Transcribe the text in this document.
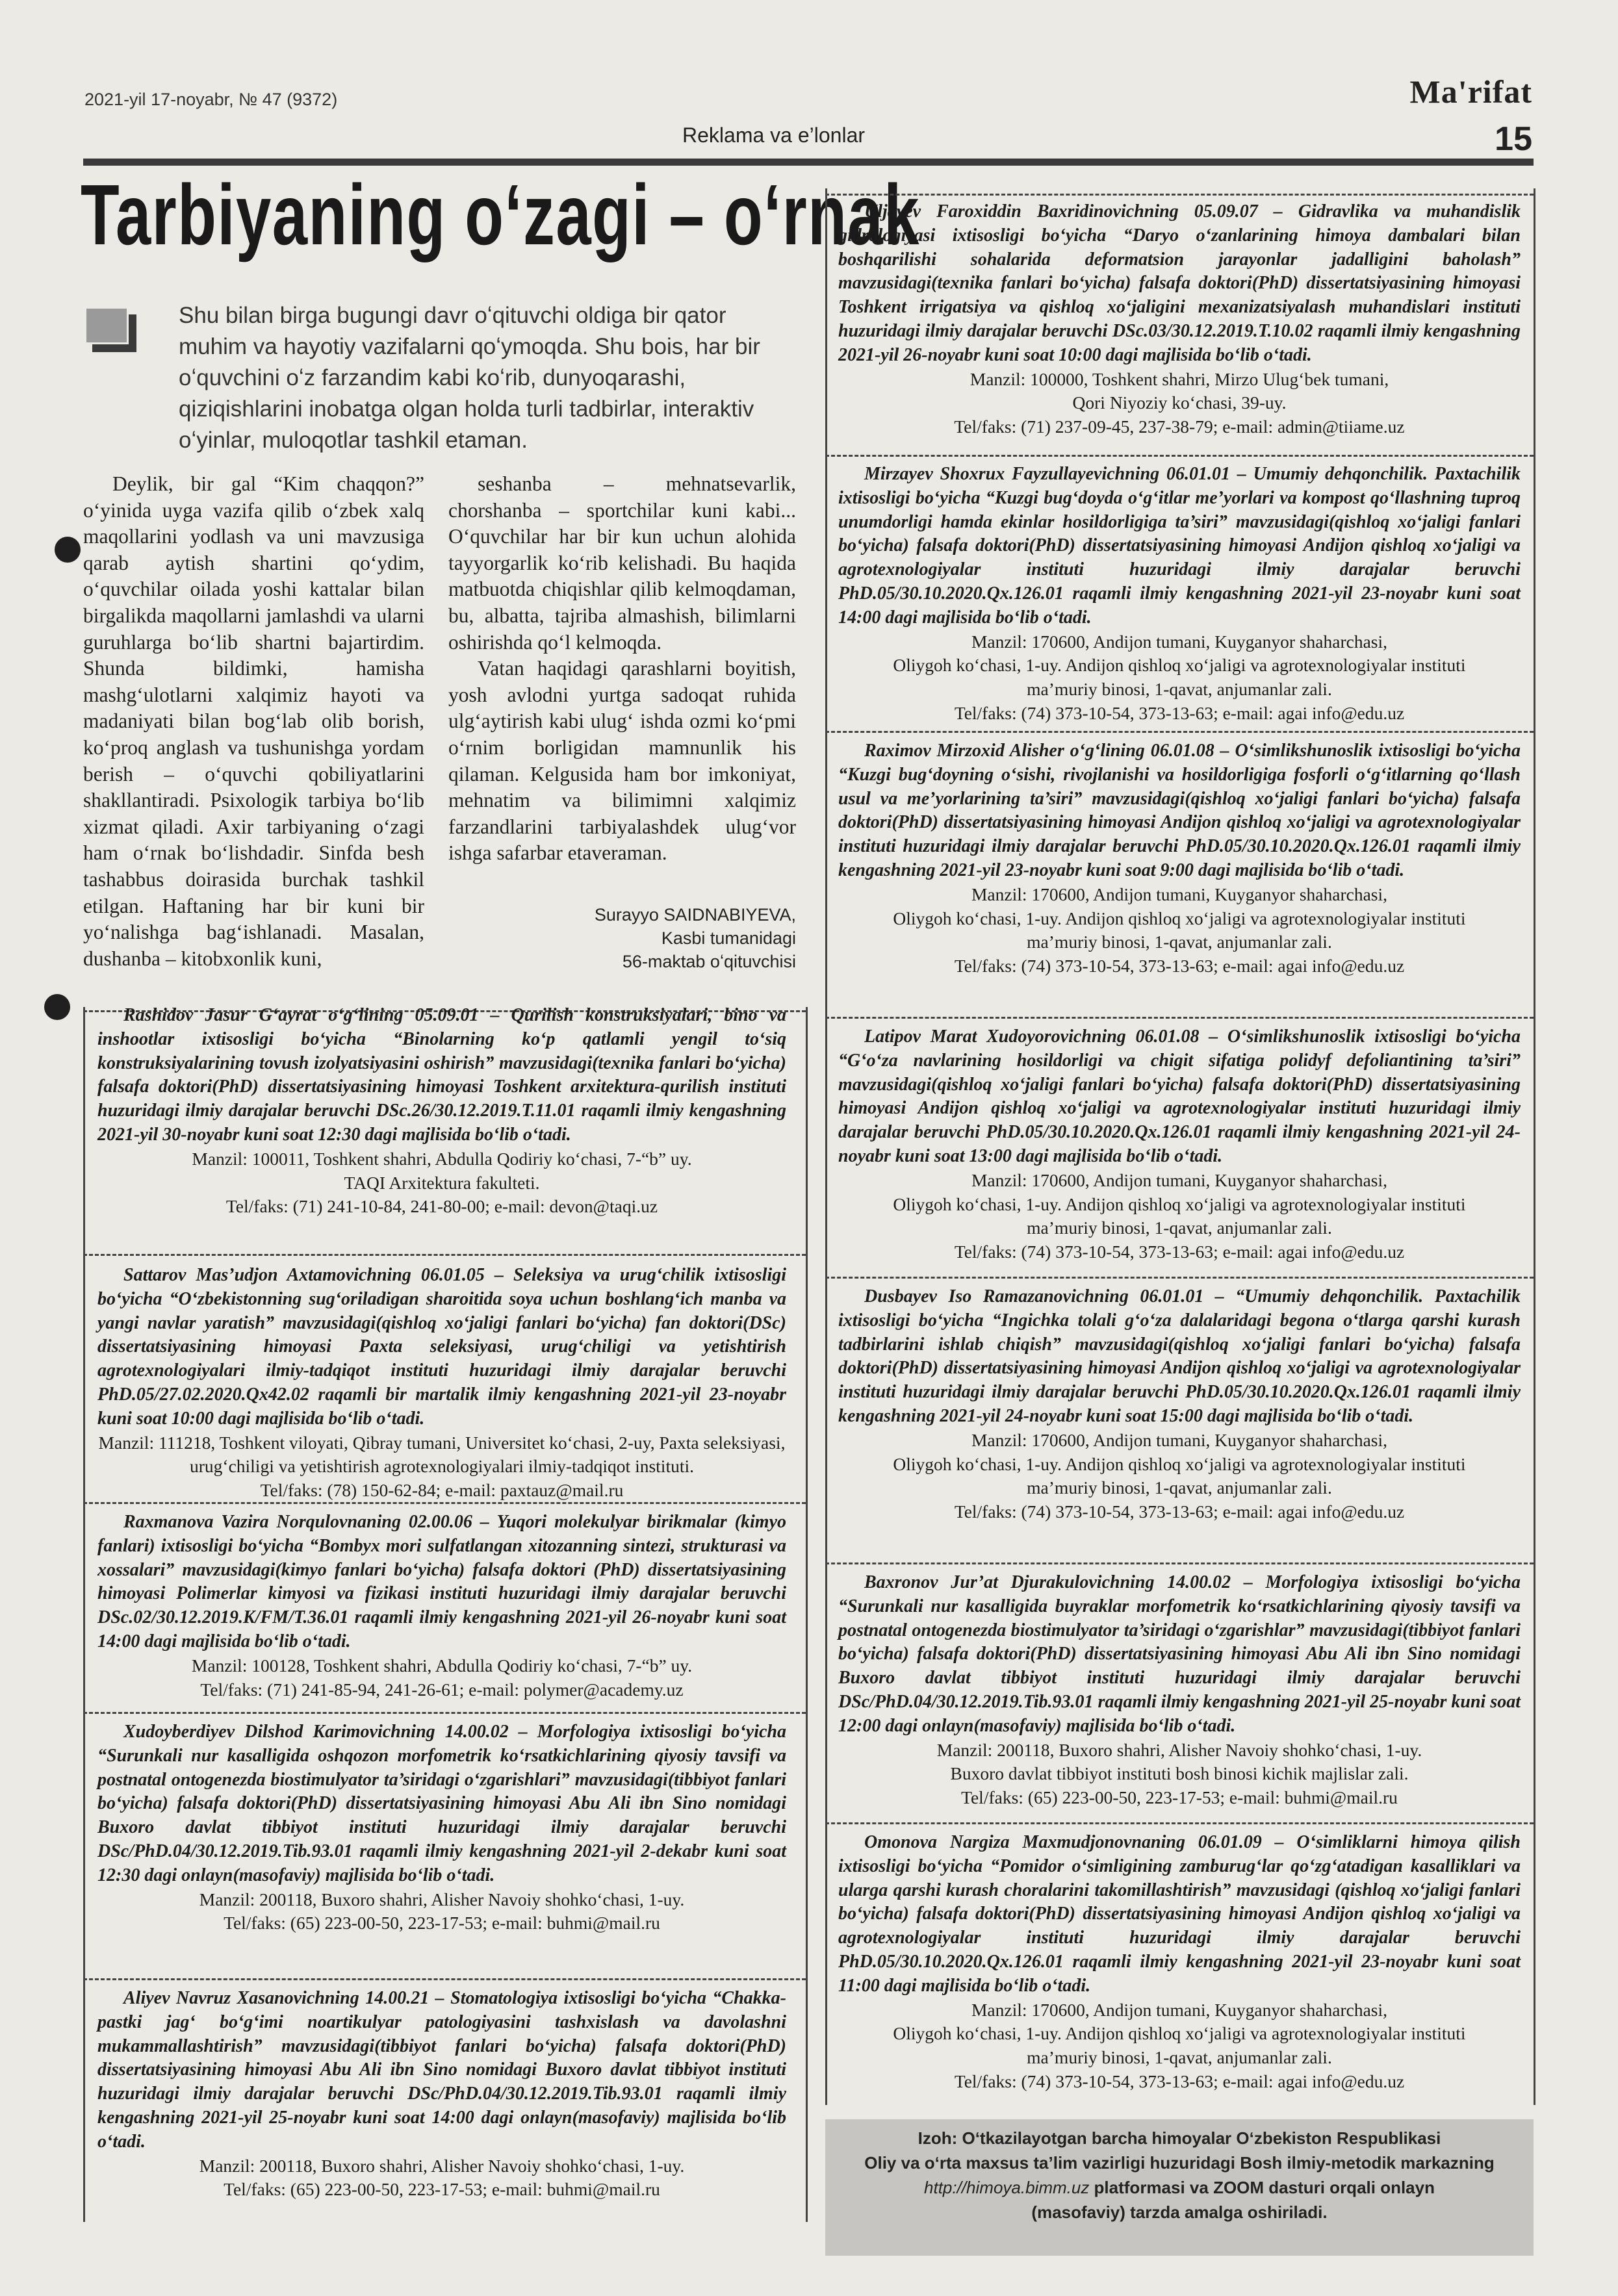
2021-yil 17-noyabr, № 47 (9372)	Ma'rifat
Reklama va e’lonlar	15
Tarbiyaning oʻzagi – oʻrnak
Shu bilan birga bugungi davr oʻqituvchi oldiga bir qator muhim va hayotiy vazifalarni qoʻymoqda. Shu bois, har bir oʻquvchini oʻz farzandim kabi koʻrib, dunyoqarashi, qiziqishlarini inobatga olgan holda turli tadbirlar, interaktiv oʻyinlar, muloqotlar tashkil etaman.
Deylik, bir gal “Kim chaqqon?” oʻyinida uyga vazifa qilib oʻzbek xalq maqollarini yodlash va uni mavzusiga qarab aytish shartini qoʻydim, oʻquvchilar oilada yoshi kattalar bilan birgalikda maqollarni jamlashdi va ularni guruhlarga boʻlib shartni bajartirdim. Shunda bildimki, hamisha mashgʻulotlarni xalqimiz hayoti va madaniyati bilan bogʻlab olib borish, koʻproq anglash va tushunishga yordam berish – oʻquvchi qobiliyatlarini shakllantiradi. Psixologik tarbiya boʻlib xizmat qiladi. Axir tarbiyaning oʻzagi ham oʻrnak boʻlishdadir. Sinfda besh tashabbus doirasida burchak tashkil etilgan. Haftaning har bir kuni bir yoʻnalishga bagʻishlanadi. Masalan, dushanba – kitobxonlik kuni,

seshanba – mehnatsevarlik, chorshanba – sportchilar kuni kabi... Oʻquvchilar har bir kun uchun alohida tayyorgarlik koʻrib kelishadi. Bu haqida matbuotda chiqishlar qilib kelmoqdaman, bu, albatta, tajriba almashish, bilimlarni oshirishda qoʻl kelmoqda.

Vatan haqidagi qarashlarni boyitish, yosh avlodni yurtga sadoqat ruhida ulgʻaytirish kabi ulugʻ ishda ozmi koʻpmi oʻrnim borligidan mamnunlik his qilaman. Kelgusida ham bor imkoniyat, mehnatim va bilimimni xalqimiz farzandlarini tarbiyalashdek ulugʻvor ishga safarbar etaveraman.

Surayyo SAIDNABIYEVA,
Kasbi tumanidagi
56-maktab oʻqituvchisi
Rashidov Jasur Gʻayrat oʻgʻlining 05.09.01 – Qurilish konstruksiyalari, bino va inshootlar ixtisosligi boʻyicha “Binolarning koʻp qatlamli yengil toʻsiq konstruksiyalarining tovush izolyatsiyasini oshirish” mavzusidagi(texnika fanlari boʻyicha) falsafa doktori(PhD) dissertatsiyasining himoyasi Toshkent arxitektura-qurilish instituti huzuridagi ilmiy darajalar beruvchi DSc.26/30.12.2019.T.11.01 raqamli ilmiy kengashning 2021-yil 30-noyabr kuni soat 12:30 dagi majlisida boʻlib oʻtadi.
Manzil: 100011, Toshkent shahri, Abdulla Qodiriy koʻchasi, 7-“b” uy.
TAQI Arxitektura fakulteti.
Tel/faks: (71) 241-10-84, 241-80-00; e-mail: devon@taqi.uz
Sattarov Mas’udjon Axtamovichning 06.01.05 – Seleksiya va urugʻchilik ixtisosligi boʻyicha “Oʻzbekistonning sugʻoriladigan sharoitida soya uchun boshlangʻich manba va yangi navlar yaratish” mavzusidagi(qishloq xoʻjaligi fanlari boʻyicha) fan doktori(DSc) dissertatsiyasining himoyasi Paxta seleksiyasi, urugʻchiligi va yetishtirish agrotexnologiyalari ilmiy-tadqiqot instituti huzuridagi ilmiy darajalar beruvchi PhD.05/27.02.2020.Qx42.02 raqamli bir martalik ilmiy kengashning 2021-yil 23-noyabr kuni soat 10:00 dagi majlisida boʻlib oʻtadi.
Manzil: 111218, Toshkent viloyati, Qibray tumani, Universitet koʻchasi, 2-uy, Paxta seleksiyasi, urugʻchiligi va yetishtirish agrotexnologiyalari ilmiy-tadqiqot instituti.
Tel/faks: (78) 150-62-84; e-mail: paxtauz@mail.ru
Raxmanova Vazira Norqulovnaning 02.00.06 – Yuqori molekulyar birikmalar (kimyo fanlari) ixtisosligi boʻyicha “Bombyx mori sulfatlangan xitozanning sintezi, strukturasi va xossalari” mavzusidagi(kimyo fanlari boʻyicha) falsafa doktori (PhD) dissertatsiyasining himoyasi Polimerlar kimyosi va fizikasi instituti huzuridagi ilmiy darajalar beruvchi DSc.02/30.12.2019.K/FM/T.36.01 raqamli ilmiy kengashning 2021-yil 26-noyabr kuni soat 14:00 dagi majlisida boʻlib oʻtadi.
Manzil: 100128, Toshkent shahri, Abdulla Qodiriy koʻchasi, 7-“b” uy.
Tel/faks: (71) 241-85-94, 241-26-61; e-mail: polymer@academy.uz
Xudoyberdiyev Dilshod Karimovichning 14.00.02 – Morfologiya ixtisosligi boʻyicha “Surunkali nur kasalligida oshqozon morfometrik koʻrsatkichlarining qiyosiy tavsifi va postnatal ontogenezda biostimulyator ta’siridagi oʻzgarishlari” mavzusidagi(tibbiyot fanlari boʻyicha) falsafa doktori(PhD) dissertatsiyasining himoyasi Abu Ali ibn Sino nomidagi Buxoro davlat tibbiyot instituti huzuridagi ilmiy darajalar beruvchi DSc/PhD.04/30.12.2019.Tib.93.01 raqamli ilmiy kengashning 2021-yil 2-dekabr kuni soat 12:30 dagi onlayn(masofaviy) majlisida boʻlib oʻtadi.
Manzil: 200118, Buxoro shahri, Alisher Navoiy shohkoʻchasi, 1-uy.
Tel/faks: (65) 223-00-50, 223-17-53; e-mail: buhmi@mail.ru
Aliyev Navruz Xasanovichning 14.00.21 – Stomatologiya ixtisosligi boʻyicha “Chakka-pastki jagʻ boʻgʻimi noartikulyar patologiyasini tashxislash va davolashni mukammallashtirish” mavzusidagi(tibbiyot fanlari boʻyicha) falsafa doktori(PhD) dissertatsiyasining himoyasi Abu Ali ibn Sino nomidagi Buxoro davlat tibbiyot instituti huzuridagi ilmiy darajalar beruvchi DSc/PhD.04/30.12.2019.Tib.93.01 raqamli ilmiy kengashning 2021-yil 25-noyabr kuni soat 14:00 dagi onlayn(masofaviy) majlisida boʻlib oʻtadi.
Manzil: 200118, Buxoro shahri, Alisher Navoiy shohkoʻchasi, 1-uy.
Tel/faks: (65) 223-00-50, 223-17-53; e-mail: buhmi@mail.ru
Uljayev Faroxiddin Baxridinovichning 05.09.07 – Gidravlika va muhandislik gidrologiyasi ixtisosligi boʻyicha “Daryo oʻzanlarining himoya dambalari bilan boshqarilishi sohalarida deformatsion jarayonlar jadalligini baholash” mavzusidagi(texnika fanlari boʻyicha) falsafa doktori(PhD) dissertatsiyasining himoyasi Toshkent irrigatsiya va qishloq xoʻjaligini mexanizatsiyalash muhandislari instituti huzuridagi ilmiy darajalar beruvchi DSc.03/30.12.2019.T.10.02 raqamli ilmiy kengashning 2021-yil 26-noyabr kuni soat 10:00 dagi majlisida boʻlib oʻtadi.
Manzil: 100000, Toshkent shahri, Mirzo Ulugʻbek tumani,
Qori Niyoziy koʻchasi, 39-uy.
Tel/faks: (71) 237-09-45, 237-38-79; e-mail: admin@tiiame.uz
Mirzayev Shoxrux Fayzullayevichning 06.01.01 – Umumiy dehqonchilik. Paxtachilik ixtisosligi boʻyicha “Kuzgi bugʻdoyda oʻgʻitlar me’yorlari va kompost qoʻllashning tuproq unumdorligi hamda ekinlar hosildorligiga ta’siri” mavzusidagi(qishloq xoʻjaligi fanlari boʻyicha) falsafa doktori(PhD) dissertatsiyasining himoyasi Andijon qishloq xoʻjaligi va agrotexnologiyalar instituti huzuridagi ilmiy darajalar beruvchi PhD.05/30.10.2020.Qx.126.01 raqamli ilmiy kengashning 2021-yil 23-noyabr kuni soat 14:00 dagi majlisida boʻlib oʻtadi.
Manzil: 170600, Andijon tumani, Kuyganyor shaharchasi,
Oliygoh koʻchasi, 1-uy. Andijon qishloq xoʻjaligi va agrotexnologiyalar instituti
ma’muriy binosi, 1-qavat, anjumanlar zali.
Tel/faks: (74) 373-10-54, 373-13-63; e-mail: agai info@edu.uz
Raximov Mirzoxid Alisher oʻgʻlining 06.01.08 – Oʻsimlikshunoslik ixtisosligi boʻyicha “Kuzgi bugʻdoyning oʻsishi, rivojlanishi va hosildorligiga fosforli oʻgʻitlarning qoʻllash usul va me’yorlarining ta’siri” mavzusidagi(qishloq xoʻjaligi fanlari boʻyicha) falsafa doktori(PhD) dissertatsiyasining himoyasi Andijon qishloq xoʻjaligi va agrotexnologiyalar instituti huzuridagi ilmiy darajalar beruvchi PhD.05/30.10.2020.Qx.126.01 raqamli ilmiy kengashning 2021-yil 23-noyabr kuni soat 9:00 dagi majlisida boʻlib oʻtadi.
Manzil: 170600, Andijon tumani, Kuyganyor shaharchasi,
Oliygoh koʻchasi, 1-uy. Andijon qishloq xoʻjaligi va agrotexnologiyalar instituti
ma’muriy binosi, 1-qavat, anjumanlar zali.
Tel/faks: (74) 373-10-54, 373-13-63; e-mail: agai info@edu.uz
Latipov Marat Xudoyorovichning 06.01.08 – Oʻsimlikshunoslik ixtisosligi boʻyicha “Gʻoʻza navlarining hosildorligi va chigit sifatiga polidyf defoliantining ta’siri” mavzusidagi(qishloq xoʻjaligi fanlari boʻyicha) falsafa doktori(PhD) dissertatsiyasining himoyasi Andijon qishloq xoʻjaligi va agrotexnologiyalar instituti huzuridagi ilmiy darajalar beruvchi PhD.05/30.10.2020.Qx.126.01 raqamli ilmiy kengashning 2021-yil 24-noyabr kuni soat 13:00 dagi majlisida boʻlib oʻtadi.
Manzil: 170600, Andijon tumani, Kuyganyor shaharchasi,
Oliygoh koʻchasi, 1-uy. Andijon qishloq xoʻjaligi va agrotexnologiyalar instituti
ma’muriy binosi, 1-qavat, anjumanlar zali.
Tel/faks: (74) 373-10-54, 373-13-63; e-mail: agai info@edu.uz
Dusbayev Iso Ramazanovichning 06.01.01 – “Umumiy dehqonchilik. Paxtachilik ixtisosligi boʻyicha “Ingichka tolali gʻoʻza dalalaridagi begona oʻtlarga qarshi kurash tadbirlarini ishlab chiqish” mavzusidagi(qishloq xoʻjaligi fanlari boʻyicha) falsafa doktori(PhD) dissertatsiyasining himoyasi Andijon qishloq xoʻjaligi va agrotexnologiyalar instituti huzuridagi ilmiy darajalar beruvchi PhD.05/30.10.2020.Qx.126.01 raqamli ilmiy kengashning 2021-yil 24-noyabr kuni soat 15:00 dagi majlisida boʻlib oʻtadi.
Manzil: 170600, Andijon tumani, Kuyganyor shaharchasi,
Oliygoh koʻchasi, 1-uy. Andijon qishloq xoʻjaligi va agrotexnologiyalar instituti
ma’muriy binosi, 1-qavat, anjumanlar zali.
Tel/faks: (74) 373-10-54, 373-13-63; e-mail: agai info@edu.uz
Baxronov Jur’at Djurakulovichning 14.00.02 – Morfologiya ixtisosligi boʻyicha “Surunkali nur kasalligida buyraklar morfometrik koʻrsatkichlarining qiyosiy tavsifi va postnatal ontogenezda biostimulyator ta’siridagi oʻzgarishlar” mavzusidagi(tibbiyot fanlari boʻyicha) falsafa doktori(PhD) dissertatsiyasining himoyasi Abu Ali ibn Sino nomidagi Buxoro davlat tibbiyot instituti huzuridagi ilmiy darajalar beruvchi DSc/PhD.04/30.12.2019.Tib.93.01 raqamli ilmiy kengashning 2021-yil 25-noyabr kuni soat 12:00 dagi onlayn(masofaviy) majlisida boʻlib oʻtadi.
Manzil: 200118, Buxoro shahri, Alisher Navoiy shohkoʻchasi, 1-uy.
Buxoro davlat tibbiyot instituti bosh binosi kichik majlislar zali.
Tel/faks: (65) 223-00-50, 223-17-53; e-mail: buhmi@mail.ru
Omonova Nargiza Maxmudjonovnaning 06.01.09 – Oʻsimliklarni himoya qilish ixtisosligi boʻyicha “Pomidor oʻsimligining zamburugʻlar qoʻzgʻatadigan kasalliklari va ularga qarshi kurash choralarini takomillashtirish” mavzusidagi (qishloq xoʻjaligi fanlari boʻyicha) falsafa doktori(PhD) dissertatsiyasining himoyasi Andijon qishloq xoʻjaligi va agrotexnologiyalar instituti huzuridagi ilmiy darajalar beruvchi PhD.05/30.10.2020.Qx.126.01 raqamli ilmiy kengashning 2021-yil 23-noyabr kuni soat 11:00 dagi majlisida boʻlib oʻtadi.
Manzil: 170600, Andijon tumani, Kuyganyor shaharchasi,
Oliygoh koʻchasi, 1-uy. Andijon qishloq xoʻjaligi va agrotexnologiyalar instituti
ma’muriy binosi, 1-qavat, anjumanlar zali.
Tel/faks: (74) 373-10-54, 373-13-63; e-mail: agai info@edu.uz
Izoh: Oʻtkazilayotgan barcha himoyalar Oʻzbekiston Respublikasi
Oliy va oʻrta maxsus ta’lim vazirligi huzuridagi Bosh ilmiy-metodik markazning
http://himoya.bimm.uz platformasi va ZOOM dasturi orqali onlayn
(masofaviy) tarzda amalga oshiriladi.
